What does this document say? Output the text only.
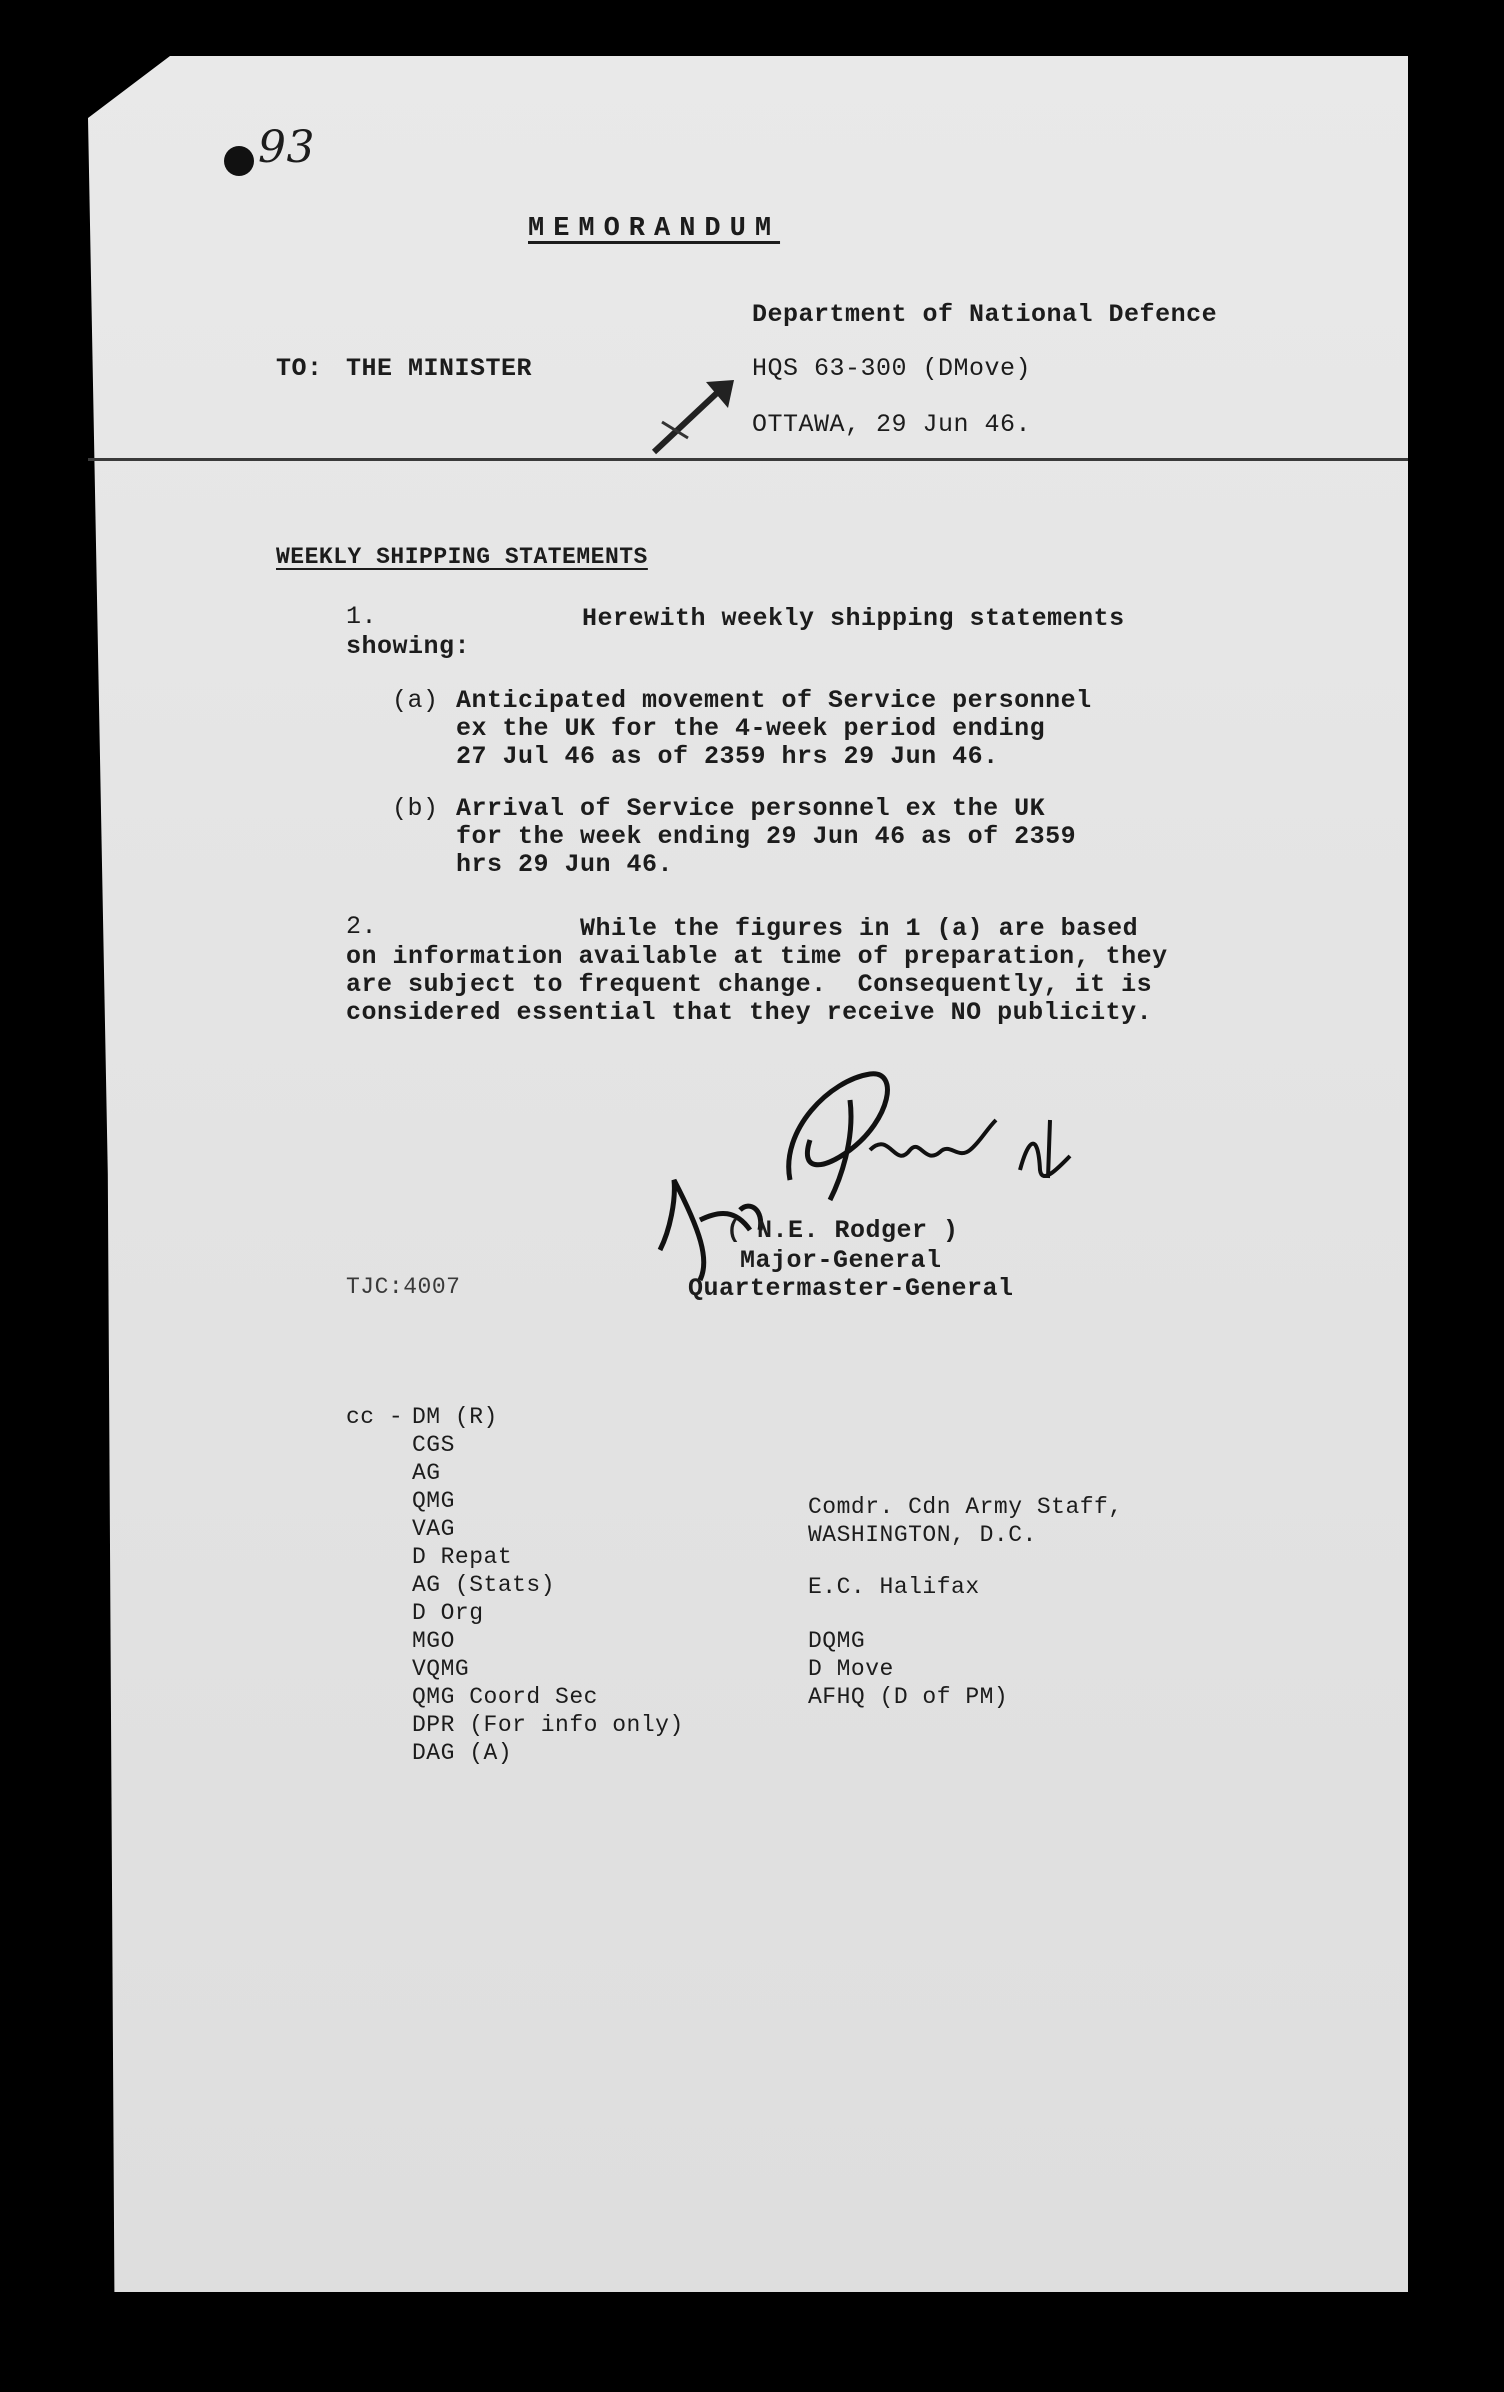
93
MEMORANDUM
Department of National Defence
TO: THE MINISTER	HQS 63-300 (DMove)
OTTAWA, 29 Jun 46.
WEEKLY SHIPPING STATEMENTS
1.	Herewith weekly shipping statements
showing:
(a) Anticipated movement of Service personnel
ex the UK for the 4-week period ending
27 Jul 46 as of 2359 hrs 29 Jun 46.
(b) Arrival of Service personnel ex the UK
for the week ending 29 Jun 46 as of 2359
hrs 29 Jun 46.
2.	While the figures in 1 (a) are based
on information available at time of preparation, they
are subject to frequent change.  Consequently, it is
considered essential that they receive NO publicity.
( N.E. Rodger )
Major-General
Quartermaster-General
TJC:4007
cc - DM (R)
CGS
AG
QMG
VAG
D Repat
AG (Stats)
D Org
MGO
VQMG
QMG Coord Sec
DPR (For info only)
DAG (A)
Comdr. Cdn Army Staff,
WASHINGTON, D.C.
E.C. Halifax
DQMG
D Move
AFHQ (D of PM)
